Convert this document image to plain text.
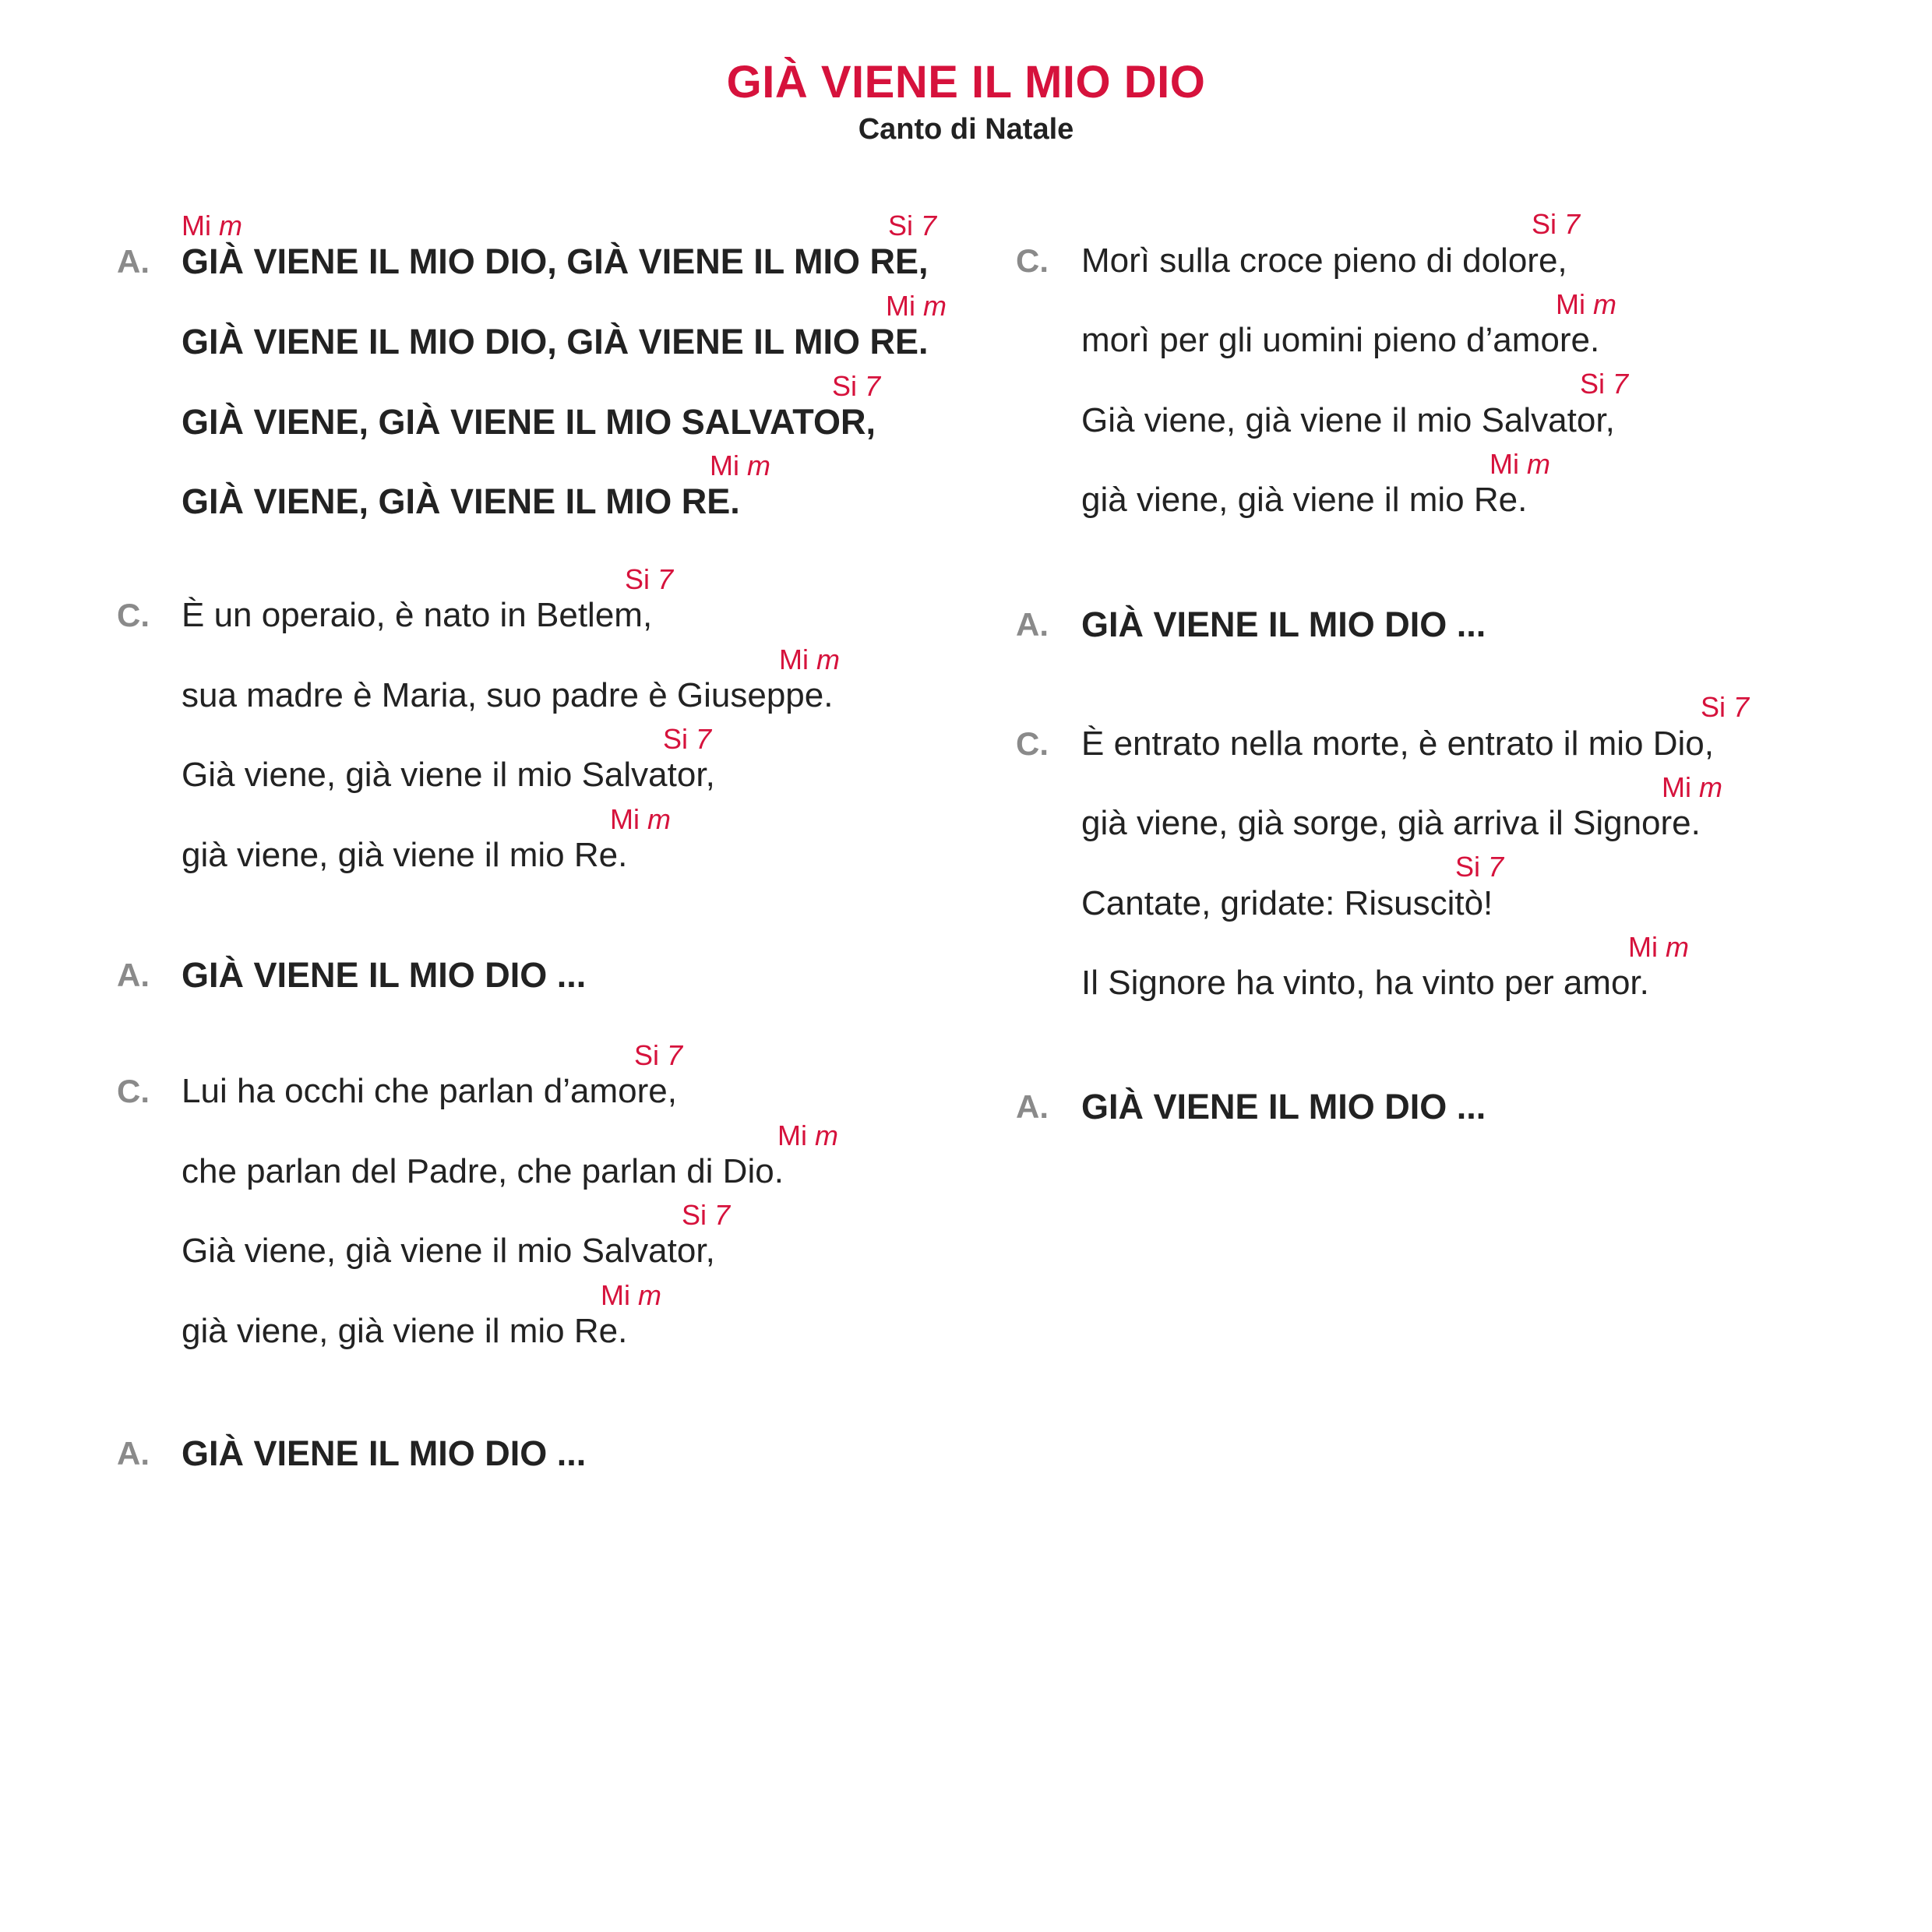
GIÀ VIENE IL MIO DIO
Canto di Natale
A.
Mi m	Si 7
GIÀ VIENE IL MIO DIO, GIÀ VIENE IL MIO RE,
Mi m
GIÀ VIENE IL MIO DIO, GIÀ VIENE IL MIO RE.
Si 7
GIÀ VIENE, GIÀ VIENE IL MIO SALVATOR,
Mi m
GIÀ VIENE, GIÀ VIENE IL MIO RE.
C.
Si 7
È un operaio, è nato in Betlem,
Mi m
sua madre è Maria, suo padre è Giuseppe.
Si 7
Già viene, già viene il mio Salvator,
Mi m
già viene, già viene il mio Re.
A. GIÀ VIENE IL MIO DIO ...
C.
Si 7
Lui ha occhi che parlan d’amore,
Mi m
che parlan del Padre, che parlan di Dio.
Si 7
Già viene, già viene il mio Salvator,
Mi m
già viene, già viene il mio Re.
A. GIÀ VIENE IL MIO DIO ...
C.
Si 7
Morì sulla croce pieno di dolore,
Mi m
morì per gli uomini pieno d’amore.
Si 7
Già viene, già viene il mio Salvator,
Mi m
già viene, già viene il mio Re.
A. GIÀ VIENE IL MIO DIO ...
C.
Si 7
È entrato nella morte, è entrato il mio Dio,
Mi m
già viene, già sorge, già arriva il Signore.
Si 7
Cantate, gridate: Risuscitò!
Mi m
Il Signore ha vinto, ha vinto per amor.
A. GIÀ VIENE IL MIO DIO ...
